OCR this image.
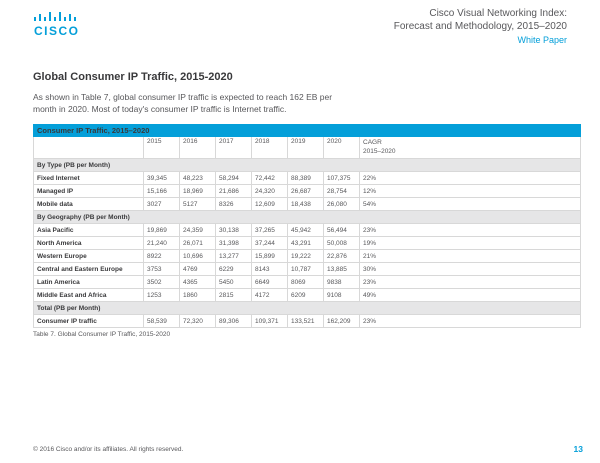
CISCO
Cisco Visual Networking Index:
Forecast and Methodology, 2015–2020
White Paper
Global Consumer IP Traffic, 2015-2020
As shown in Table 7, global consumer IP traffic is expected to reach 162 EB per month in 2020. Most of today's consumer IP traffic is Internet traffic.
Consumer IP Traffic, 2015–2020							
	2015	2016	2017	2018	2019	2020	CAGR
2015–2020

By Type (PB per Month)							
Fixed Internet	39,345	48,223	58,294	72,442	88,389	107,375	22%
Managed IP	15,166	18,969	21,686	24,320	26,687	28,754	12%
Mobile data	3027	5127	8326	12,609	18,438	26,080	54%
By Geography (PB per Month)							
Asia Pacific	19,869	24,359	30,138	37,265	45,942	56,494	23%
North America	21,240	26,071	31,398	37,244	43,291	50,008	19%
Western Europe	8922	10,696	13,277	15,899	19,222	22,876	21%
Central and Eastern Europe	3753	4769	6229	8143	10,787	13,885	30%
Latin America	3502	4365	5450	6649	8069	9838	23%
Middle East and Africa	1253	1860	2815	4172	6209	9108	49%
Total (PB per Month)							
Consumer IP traffic	58,539	72,320	89,306	109,371	133,521	162,209	23%
Table 7. Global Consumer IP Traffic, 2015-2020
© 2016 Cisco and/or its affiliates. All rights reserved.	13
